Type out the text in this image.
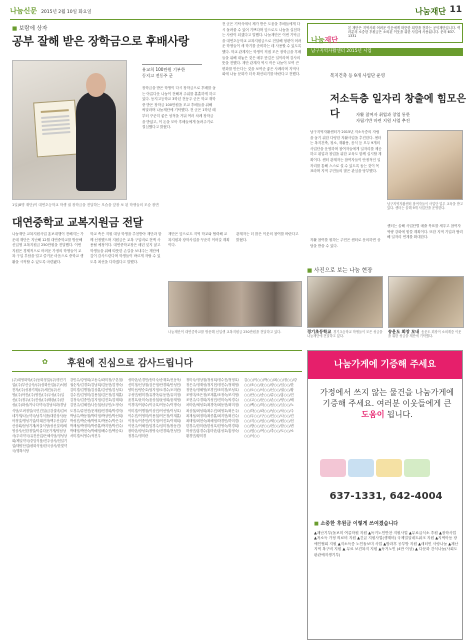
나눔신문 2015년 2월 10일 화요일	나눔재단 11
■ 보람에 상자
공부 잘해 받은 장학금으로 후배사랑
유교희 100만원 기부한
동지고 전동주 군
장학금을 받은 학생이 다시 장학금으로 후배를 돕는 아름다운 나눔이 전해져 주위를 훈훈하게 하고 있다. 동지고등학교 3학년 전동주 군은 학교 재학 중 받은 장학금 100만원을 모교 후배들을 위해 써달라며 나눔재단에 기탁했다. 전 군은 1학년 때부터 꾸준히 좋은 성적을 거둬 여러 차례 장학금을 받았고, 이 돈을 모아 후배들에게 돌려주기로 결심했다고 밝혔다.
전 군은 기탁식에서 제가 받은 도움을 후배들에게 다시 돌려줄 수 있어 기쁘다며 앞으로도 나눔을 실천하는 사람이 되겠다고 말했다. 나눔재단은 이번 기탁금을 대연초등학교 교복지원금으로 전달해 형편이 어려운 학생들이 새 학기를 준비하는 데 사용할 수 있도록 했다. 학교 관계자는 학생이 직접 모은 장학금을 후배들을 위해 내놓은 것은 매우 뜻깊은 일이라며 감사의 뜻을 전했다. 재단 관계자 역시 작은 나눔이 모여 큰 변화를 만든다는 것을 보여준 좋은 사례라며 지역사회에 나눔 문화가 더욱 확산되기를 바란다고 전했다.
1일(8명 재단)이 대연초등학교 학생 권 장학금을 전달하는 모습을 앞장 보 된 학생들의 모습 장면
대연중학교 교복지원금 전달
나눔재단 교복지원사업 홍보대행이 전해지는 가운데 재단은 지난해 12월 대연중학교를 방문해 신입생 교복지원금 250만원을 전달했다. 이번 지원은 경제적으로 어려운 가정의 학생들이 교복 구입 부담을 덜고 즐거운 마음으로 중학교 생활을 시작할 수 있도록 마련됐다.
학교 측은 지원 대상 학생을 추천받아 재단과 함께 선정했으며 지원금은 교복 구입비로 전액 사용될 예정이다. 대연중학교장은 매년 잊지 않고 학생들을 위해 따뜻한 손길을 보내주는 재단에 깊이 감사드린다며 학생들이 바르게 자랄 수 있도록 최선을 다하겠다고 말했다.
재단은 앞으로도 지역 학교와 협력해 교복지원과 장학사업을 꾸준히 이어갈 계획이다.
관계자는 더 많은 이웃의 참여를 바란다고 밝혔다.
나눔재단이 대연중학교를 방문해 신입생 교복지원금 250만원을 전달하고 있다.
나눔재단
본 재단은 지역사회 어려운 이웃에게 따뜻한 희망을 전하는 공익재단입니다. 여러분의 소중한 후원금은 소외된 이웃을 위한 사업에 사용됩니다. 문의 637-1331
남구지역자활센터 2015년 시업
복지건축 등 9개 사업단 운영
저소득층 일자리 창출에 힘모은다	자활 참여자 취업과 창업 통한
자립기반 마련 지원 사업 추진
남구지역자활센터가 2015년 저소득층의 자립을 돕기 위한 다양한 자활사업을 추진한다. 센터는 복지건축, 청소, 재활용, 음식 등 모두 9개의 사업단을 운영하며 참여자들에게 일자리를 제공하고 취업과 창업을 위한 교육도 함께 실시할 계획이다. 센터 관계자는 참여자들이 안정적인 일자리를 통해 스스로 설 수 있도록 돕는 것이 목표라며 지역 주민들의 많은 관심을 당부했다.
남구지역자활센터 참여자들이 사업단 업무 교육을 받고 있다. 센터는 올해 9개 사업단을 운영한다.
센터는 올해 사업단별 매출 목표를 세우고 참여자 역량 강화에 힘쓸 계획이다. 또한 지역 기업과 협력해 일자리 연계를 확대한다.
자활 참여를 원하는 주민은 센터로 문의하면 상담을 받을 수 있다.
■ 사진으로 보는 나눔 현장
경기초등학교 경기초등학교 학생들이 모은 성금을 나눔재단에 전달하고 있다.
송운도 회장 모내 송운도 회장이 소외계층 이웃을 위한 성금을 재단에 기탁했다.
✿ 후원에 진심으로 감사드립니다
(주)대영화학/(주)동화정밀/(주)명진기업/(주)부산금속/(주)삼화산업/(주)서원전자/(주)성광기계/(주)세진/(주)신영/(주)아진/(주)영진/(주)우성/(주)일신/(주)정우/(주)진성/(주)태광/(주)한성/(주)화성/가나다약국/강남치과/경남식당/고려정밀/국민건설/금강설비/김씨네가게/나눔약국/남부식품/대한상사/동아정밀/명성기업/미래전자/백두산업/부산상회/삼성기계/서울식당/성신설비/세영상사/신한정밀/아름다운가게/영남상사/우리약국/유진산업/은혜식당/정성상회/제일약국/중앙식품/진주상사/천일기업/태양산업/평화식당/한국상사/한빛약국/행복식당
강민수/강영희/고동수/곽미정/구본철/권순자/김경호/김남희/김동현/김명숙/김미경/김병철/김상훈/김선영/김성호/김수진/김영미/김용철/김은정/김재훈/김정숙/김종민/김지영/김진호/김태희/김현주/김혜진/나승철/남궁민/노영숙/도경수/류현진/문재원/민경희/박경자/박남수/박동철/박미영/박상민/박선희/박성진/박순애/박영호/박용수/박은주/박재성/박정미/박종훈/박지현/박진수/박태영/박현숙/박혜영/배수진/백승호/서미경/서영수/석진우
성미란/손경민/송미숙/송재호/신동욱/신미정/신상철/심은영/안경희/안성민/양미선/양승호/엄지영/오경수/오미란/우성민/원미경/유경아/유동현/유미정/윤경호/윤미숙/윤상철/윤성희/윤재영/이경미/이광수/이규호/이동수/이명숙/이미경/이병철/이상민/이선영/이성호/이수진/이영미/이용철/이은정/이재훈/이정숙/이종민/이지영/이진호/이태희/이현주/이혜진/임경수/임미정/장동건/장미란/장성호/장영숙/전경희/전성민/정경수/정미란
정미숙/정상철/정성희/정수진/정영호/정은주/정재성/정지현/정진수/정태영/정현숙/정혜영/조경민/조미경/조성호/조영미/조은정/조재훈/조정숙/조지영/조현주/주경희/지성민/진미숙/차경수/차미란/채성호/최경아/최동현/최미정/최상철/최성희/최수진/최영호/최은주/최재성/최정미/최종훈/최지현/최진수/최태영/최현숙/최혜영/하경민/하미경/한경수/한미란/한성호/한영숙/허경희/허성민/홍경수/홍미란/홍성호/홍영숙/황경민/황미경
김○○/이○○/박○○/최○○/정○○/강○○/조○○/윤○○/장○○/임○○/한○○/오○○/서○○/신○○/권○○/황○○/안○○/송○○/류○○/홍○○/전○○/고○○/문○○/손○○/양○○/배○○/백○○/허○○/남○○/심○○/노○○/하○○/곽○○/성○○/차○○/주○○/우○○/구○○/민○○/나○○/진○○/지○○/엄○○/채○○/원○○/천○○/방○○/공○○/현○○/함○○/변○○/염○○/여○○/추○○/도○○/소○○/석○○
나눔가게에 기증해 주세요
가정에서 쓰지 않는 물건을 나눔가게에 기증해 주세요. 여러분 이웃들에게 큰 도움이 됩니다.
637-1331, 642-4004
■ 소중한 후원금 이렇게 쓰여졌습니다
▲재난기부(돌보미 여름학원 지원 ▲독거노인반찬 지원사업 ▲무료급식소 후원 ▲장학사업 ▲저소득 가정 의료비 지원 ▲긴급 지원사업(생계비) 국제밀알네트워크 지원 ▲지역아동 장애인협회 지원 ▲지소득층 노인돌보미 사업 ▲방과후 공부방 지원 ▲새터민 사랑나눔 ▲재난지역 복구비 지원 ▲ 무료 보건복지 지원 ▲독거노인 (4만 이상) ▲ 다문화 간식나눔(사회도 판관예지생기부)
